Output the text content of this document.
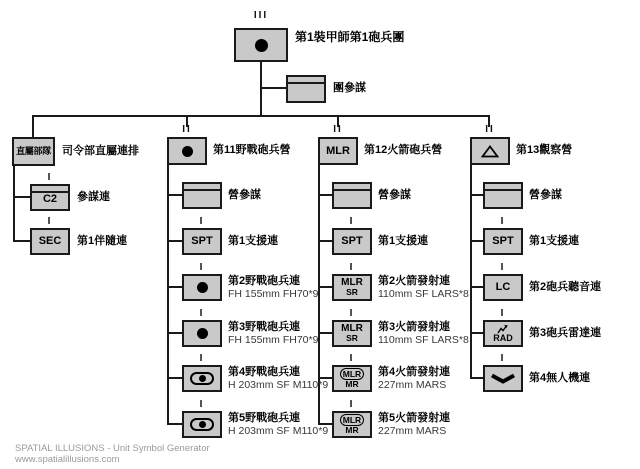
III
第1裝甲師第1砲兵團
團參謀
直屬部隊 司令部直屬連排
I
C2 參謀連
I
SEC 第1伴隨連
II
第11野戰砲兵營
營參謀
I
SPT 第1支援連
I
第2野戰砲兵連
FH 155mm FH70*9
I
第3野戰砲兵連
FH 155mm FH70*9
I
第4野戰砲兵連
H 203mm SF M110*9
I
第5野戰砲兵連
H 203mm SF M110*9
II
MLR 第12火箭砲兵營
營參謀
I
SPT 第1支援連
I
MLR
SR
第2火箭發射連
110mm SF LARS*8
I
MLR
SR
第3火箭發射連
110mm SF LARS*8
I
MLR
MR
第4火箭發射連
227mm MARS
I
MLR
MR
第5火箭發射連
227mm MARS
II
第13觀察營
營參謀
I
SPT 第1支援連
I
LC 第2砲兵聽音連
I
RAD 第3砲兵雷達連
I
第4無人機連
SPATIAL ILLUSIONS - Unit Symbol Generator
www.spatialillusions.com
